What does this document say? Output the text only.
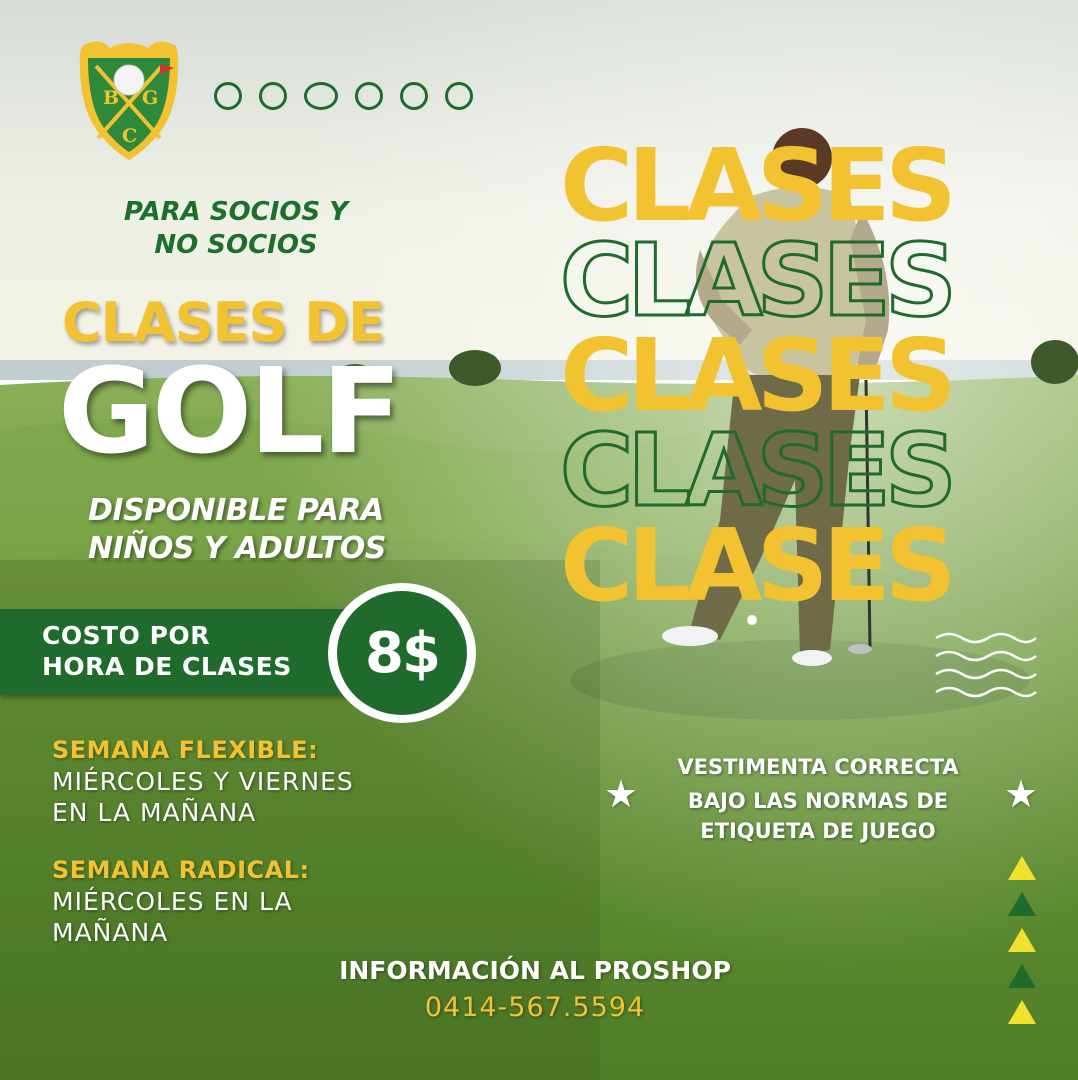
B G
C
PARA SOCIOS Y
NO SOCIOS
CLASES DE
GOLF
DISPONIBLE PARA
NIÑOS Y ADULTOS
COSTO POR
HORA DE CLASES	8$
SEMANA FLEXIBLE:
MIÉRCOLES Y VIERNES
EN LA MAÑANA
SEMANA RADICAL:
MIÉRCOLES EN LA
MAÑANA
INFORMACIÓN AL PROSHOP
0414-567.5594
CLASES
CLASES
CLASES
CLASES
CLASES
VESTIMENTA CORRECTA
BAJO LAS NORMAS DE
ETIQUETA DE JUEGO
★	★
